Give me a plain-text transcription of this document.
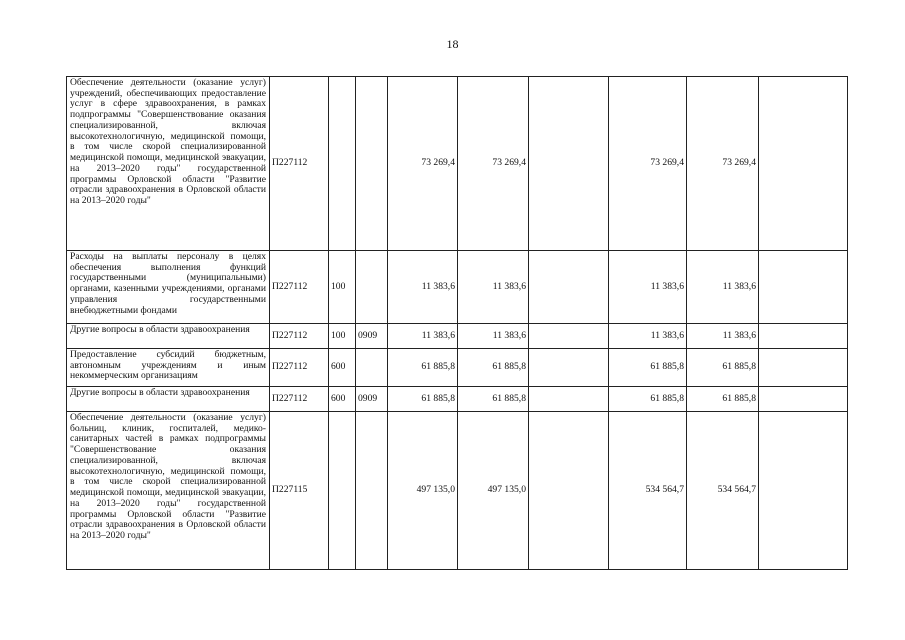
18
Обеспечение деятельности (оказание услуг) учреждений, обеспечивающих предоставление услуг в сфере здравоохранения, в рамках подпрограммы "Совершенствование оказания специализированной, включая высокотехнологичную, медицинской помощи, в том числе скорой специализированной медицинской помощи, медицинской эвакуации, на 2013–2020 годы" государственной программы Орловской области "Развитие отрасли здравоохранения в Орловской области на 2013–2020 годы"	П227112			73 269,4	73 269,4		73 269,4	73 269,4	
Расходы на выплаты персоналу в целях обеспечения выполнения функций государственными (муниципальными) органами, казенными учреждениями, органами управления государственными внебюджетными фондами	П227112	100		11 383,6	11 383,6		11 383,6	11 383,6	
Другие вопросы в области здравоохранения	П227112	100	0909	11 383,6	11 383,6		11 383,6	11 383,6	
Предоставление субсидий бюджетным, автономным учреждениям и иным некоммерческим организациям	П227112	600		61 885,8	61 885,8		61 885,8	61 885,8	
Другие вопросы в области здравоохранения	П227112	600	0909	61 885,8	61 885,8		61 885,8	61 885,8	
Обеспечение деятельности (оказание услуг) больниц, клиник, госпиталей, медико-санитарных частей в рамках подпрограммы "Совершенствование оказания специализированной, включая высокотехнологичную, медицинской помощи, в том числе скорой специализированной медицинской помощи, медицинской эвакуации, на 2013–2020 годы" государственной программы Орловской области "Развитие отрасли здравоохранения в Орловской области на 2013–2020 годы"	П227115			497 135,0	497 135,0		534 564,7	534 564,7	
